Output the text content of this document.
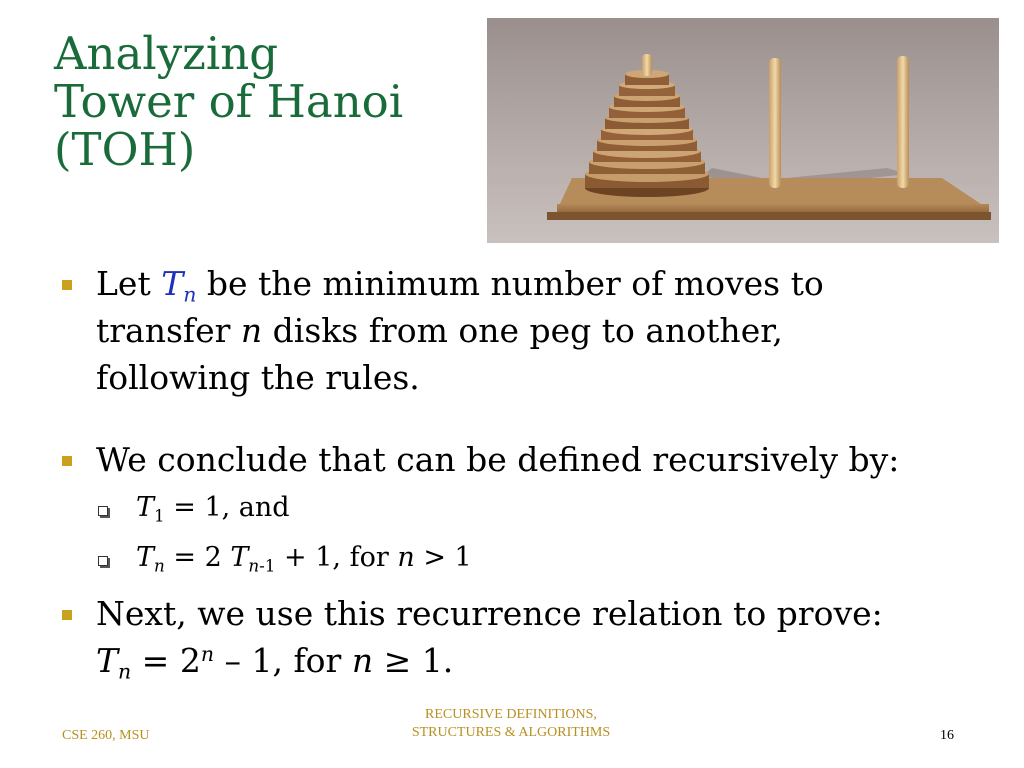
Analyzing
Tower of Hanoi
(TOH)
Let $T_n$ be the minimum number of moves to
transfer n disks from one peg to another,
following the rules.
We conclude that can be defined recursively by:
$T_1 = 1$, and
$T_n = 2$ $T_{n-1} + 1$, for n > 1
Next, we use this recurrence relation to prove:
$T_n = 2^n - 1$, for n ≥ 1.
CSE 260, MSU
RECURSIVE DEFINITIONS,
STRUCTURES & ALGORITHMS	16
